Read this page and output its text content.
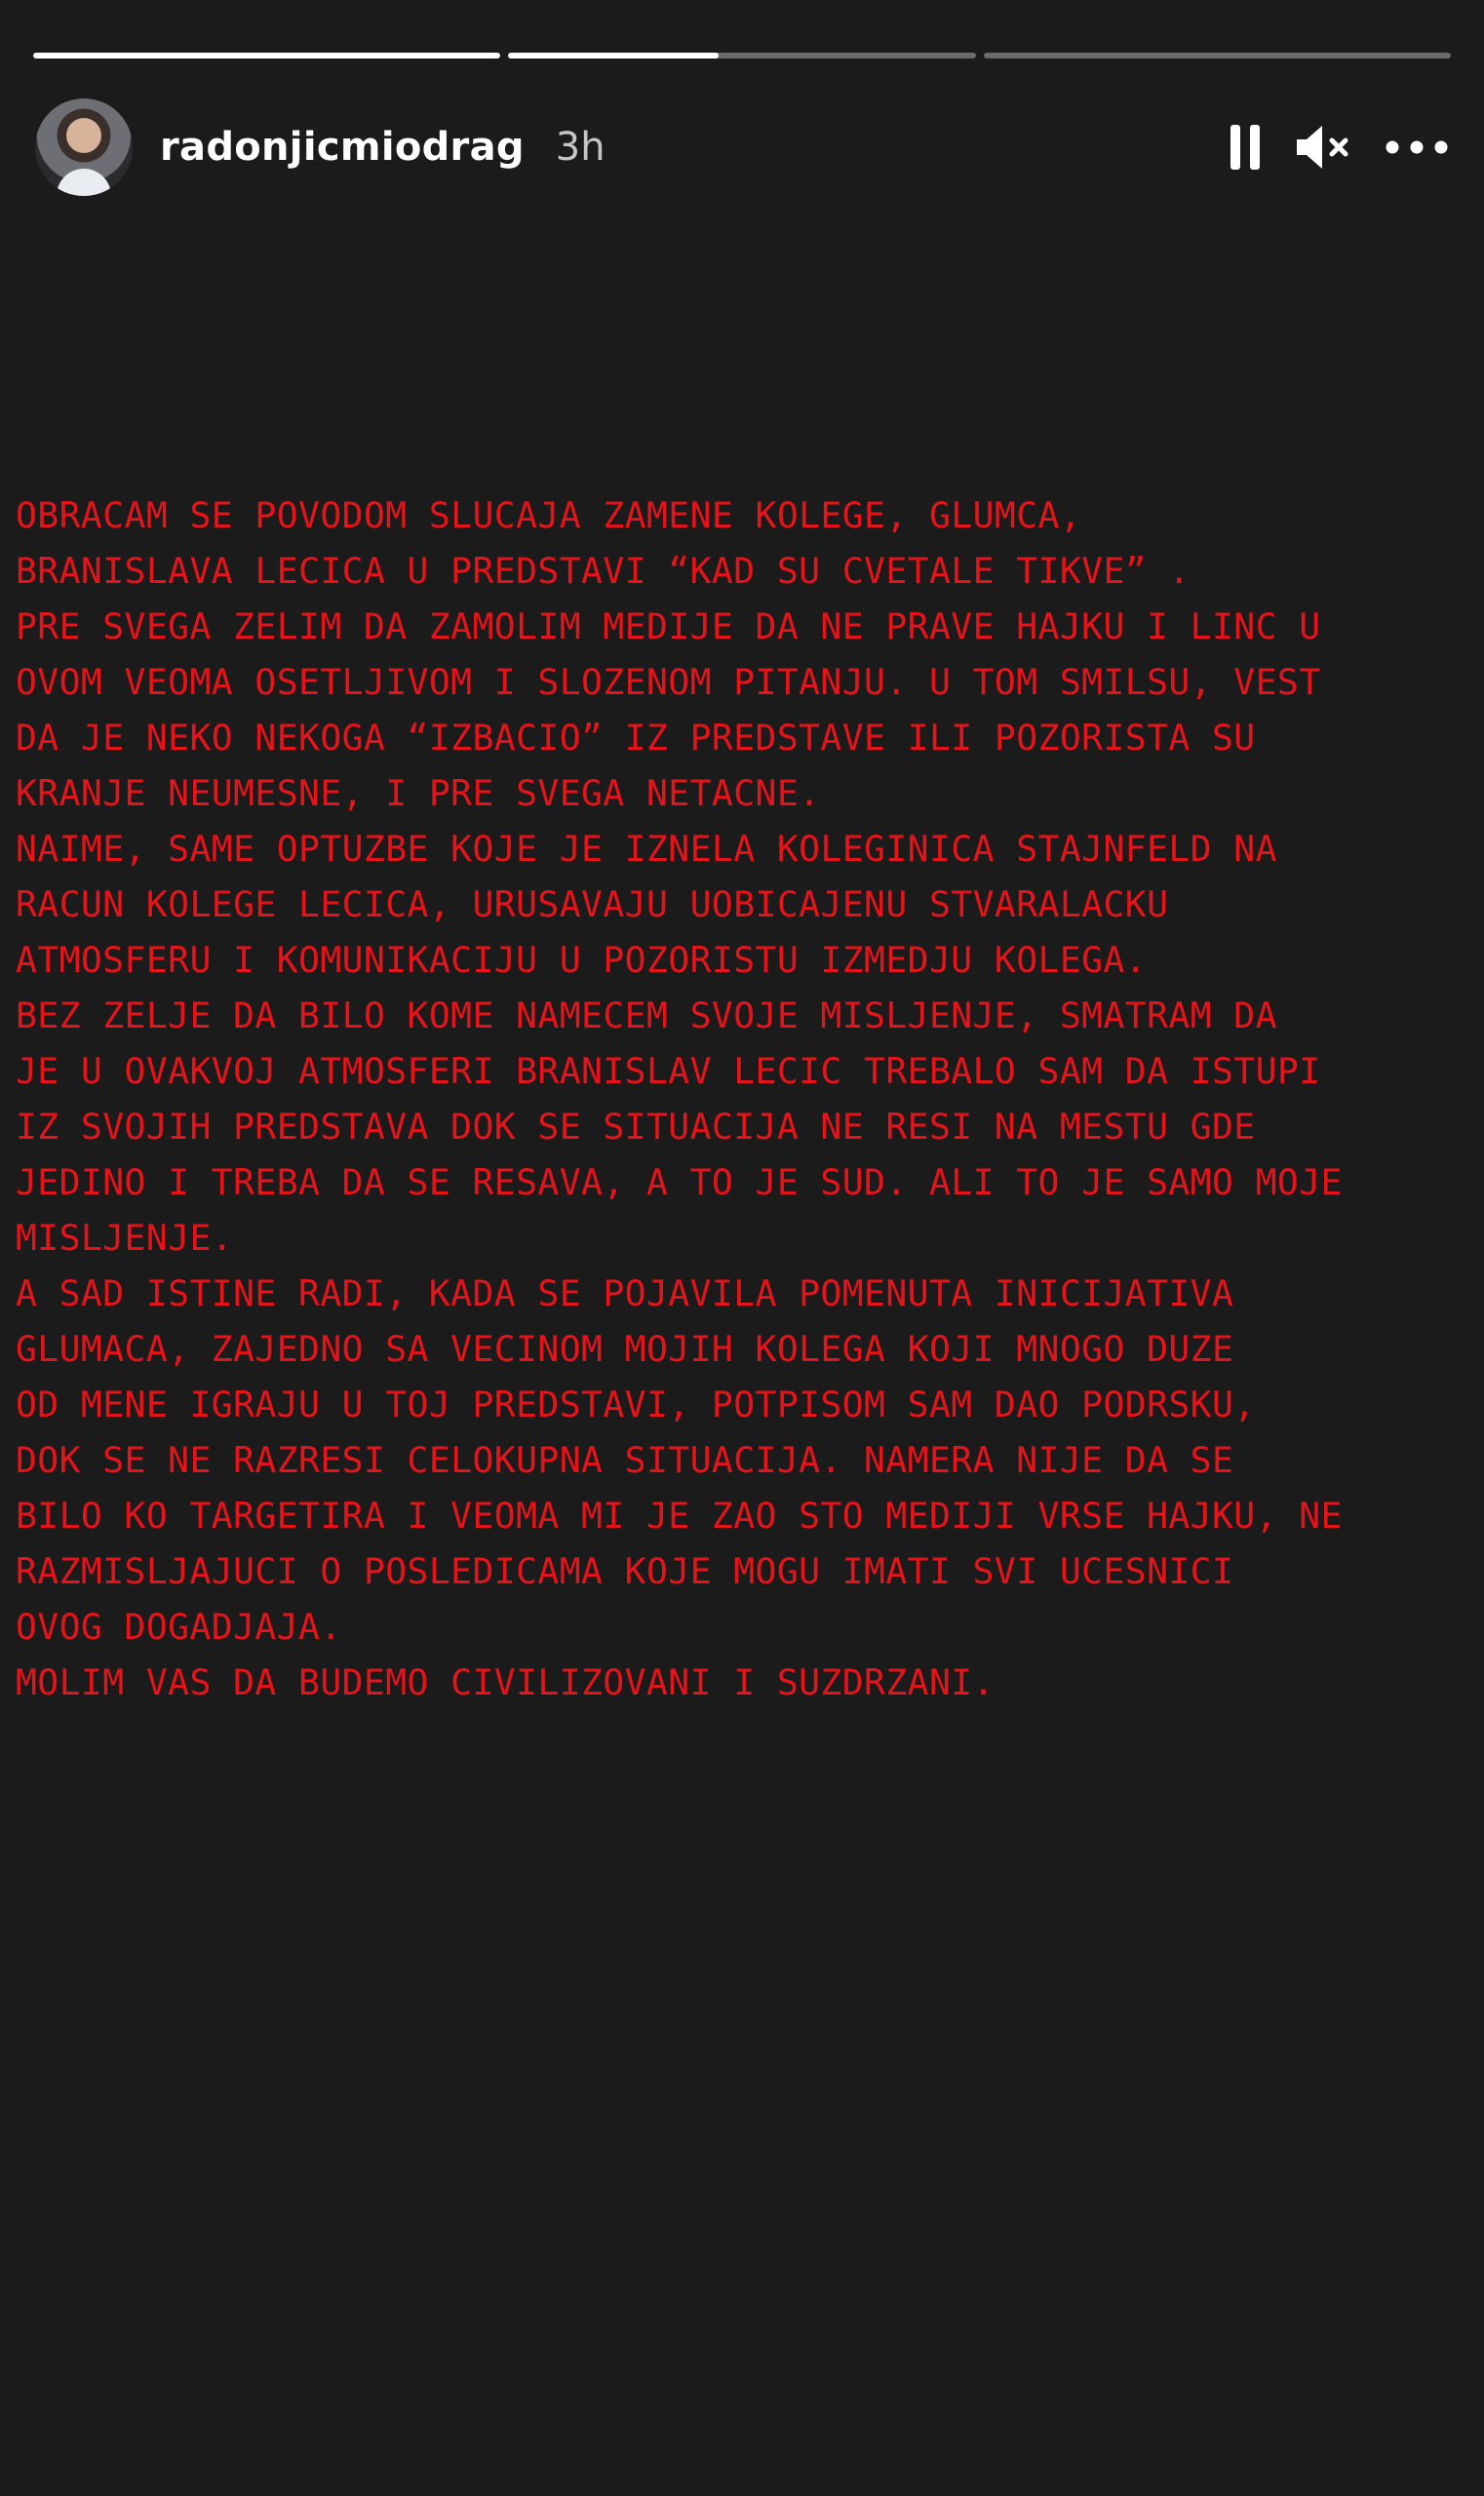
radonjicmiodrag 3h
OBRACAM SE POVODOM SLUCAJA ZAMENE KOLEGE, GLUMCA,
BRANISLAVA LECICA U PREDSTAVI “KAD SU CVETALE TIKVE” .
PRE SVEGA ZELIM DA ZAMOLIM MEDIJE DA NE PRAVE HAJKU I LINC U
OVOM VEOMA OSETLJIVOM I SLOZENOM PITANJU. U TOM SMILSU, VEST
DA JE NEKO NEKOGA “IZBACIO” IZ PREDSTAVE ILI POZORISTA SU
KRANJE NEUMESNE, I PRE SVEGA NETACNE.
NAIME, SAME OPTUZBE KOJE JE IZNELA KOLEGINICA STAJNFELD NA
RACUN KOLEGE LECICA, URUSAVAJU UOBICAJENU STVARALACKU
ATMOSFERU I KOMUNIKACIJU U POZORISTU IZMEDJU KOLEGA.
BEZ ZELJE DA BILO KOME NAMECEM SVOJE MISLJENJE, SMATRAM DA
JE U OVAKVOJ ATMOSFERI BRANISLAV LECIC TREBALO SAM DA ISTUPI
IZ SVOJIH PREDSTAVA DOK SE SITUACIJA NE RESI NA MESTU GDE
JEDINO I TREBA DA SE RESAVA, A TO JE SUD. ALI TO JE SAMO MOJE
MISLJENJE.
A SAD ISTINE RADI, KADA SE POJAVILA POMENUTA INICIJATIVA
GLUMACA, ZAJEDNO SA VECINOM MOJIH KOLEGA KOJI MNOGO DUZE
OD MENE IGRAJU U TOJ PREDSTAVI, POTPISOM SAM DAO PODRSKU,
DOK SE NE RAZRESI CELOKUPNA SITUACIJA. NAMERA NIJE DA SE
BILO KO TARGETIRA I VEOMA MI JE ZAO STO MEDIJI VRSE HAJKU, NE
RAZMISLJAJUCI O POSLEDICAMA KOJE MOGU IMATI SVI UCESNICI
OVOG DOGADJAJA.
MOLIM VAS DA BUDEMO CIVILIZOVANI I SUZDRZANI.
